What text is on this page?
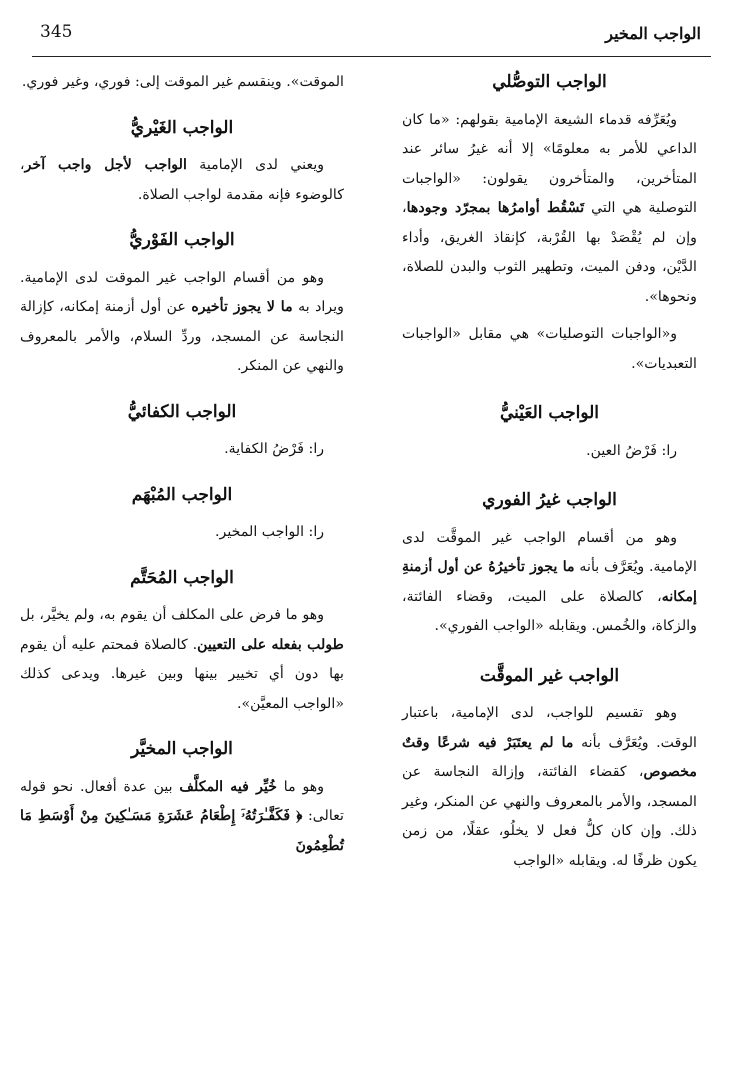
345	الواجب المخير

الواجب التوصُّلي

ويُعَرِّفه قدماء الشيعة الإمامية بقولهم: «ما كان الداعي للأمر به معلومًا» إلا أنه غيرُ سائر عند المتأخرين، والمتأخرون يقولون: «الواجبات التوصلية هي التي تَسْقُط أوامرُها بمجرّد وجودها، وإن لم يُقْصَدْ بها القُرْبة، كإنقاذ الغريق، وأداء الدَّيْن، ودفن الميت، وتطهير الثوب والبدن للصلاة، ونحوها».

و«الواجبات التوصليات» هي مقابل «الواجبات التعبديات».

الواجب العَيْنيُّ

را: فَرْضُ العين.

الواجب غيرُ الفوري

وهو من أقسام الواجب غير الموقَّت لدى الإمامية. ويُعَرَّف بأنه ما يجوز تأخيرُهُ عن أول أزمنةِ إمكانه، كالصلاة على الميت، وقضاء الفائتة، والزكاة، والخُمس. ويقابله «الواجب الفوري».

الواجب غير الموقَّت

وهو تقسيم للواجب، لدى الإمامية، باعتبار الوقت. ويُعَرَّف بأنه ما لم يعتَبَرْ فيه شرعًا وقتٌ مخصوص، كقضاء الفائتة، وإزالة النجاسة عن المسجد، والأمر بالمعروف والنهي عن المنكر، وغير ذلك. وإن كان كلُّ فعل لا يخلُو، عقلًا، من زمن يكون ظرفًا له. ويقابله «الواجب

الموقت». وينقسم غير الموقت إلى: فوري، وغير فوري.

الواجب الغَيْريُّ

ويعني لدى الإمامية الواجب لأجل واجب آخر، كالوضوء فإنه مقدمة لواجب الصلاة.

الواجب الفَوْريُّ

وهو من أقسام الواجب غير الموقت لدى الإمامية. ويراد به ما لا يجوز تأخيره عن أول أزمنة إمكانه، كإزالة النجاسة عن المسجد، وردِّ السلام، والأمر بالمعروف والنهي عن المنكر.

الواجب الكفائيُّ

را: فَرْضُ الكفاية.

الواجب المُبْهَم

را: الواجب المخير.

الواجب المُحَتَّم

وهو ما فرض على المكلف أن يقوم به، ولم يخيَّر، بل طولب بفعله على التعيين. كالصلاة فمحتم عليه أن يقوم بها دون أي تخيير بينها وبين غيرها. ويدعى كذلك «الواجب المعيَّن».

الواجب المخيَّر

وهو ما خُيِّر فيه المكلَّف بين عدة أفعال. نحو قوله تعالى: ﴿ فَكَفَّـٰرَتُهُۥٓ إِطْعَامُ عَشَرَةِ مَسَـٰكِينَ مِنْ أَوْسَطِ مَا تُطْعِمُونَ
